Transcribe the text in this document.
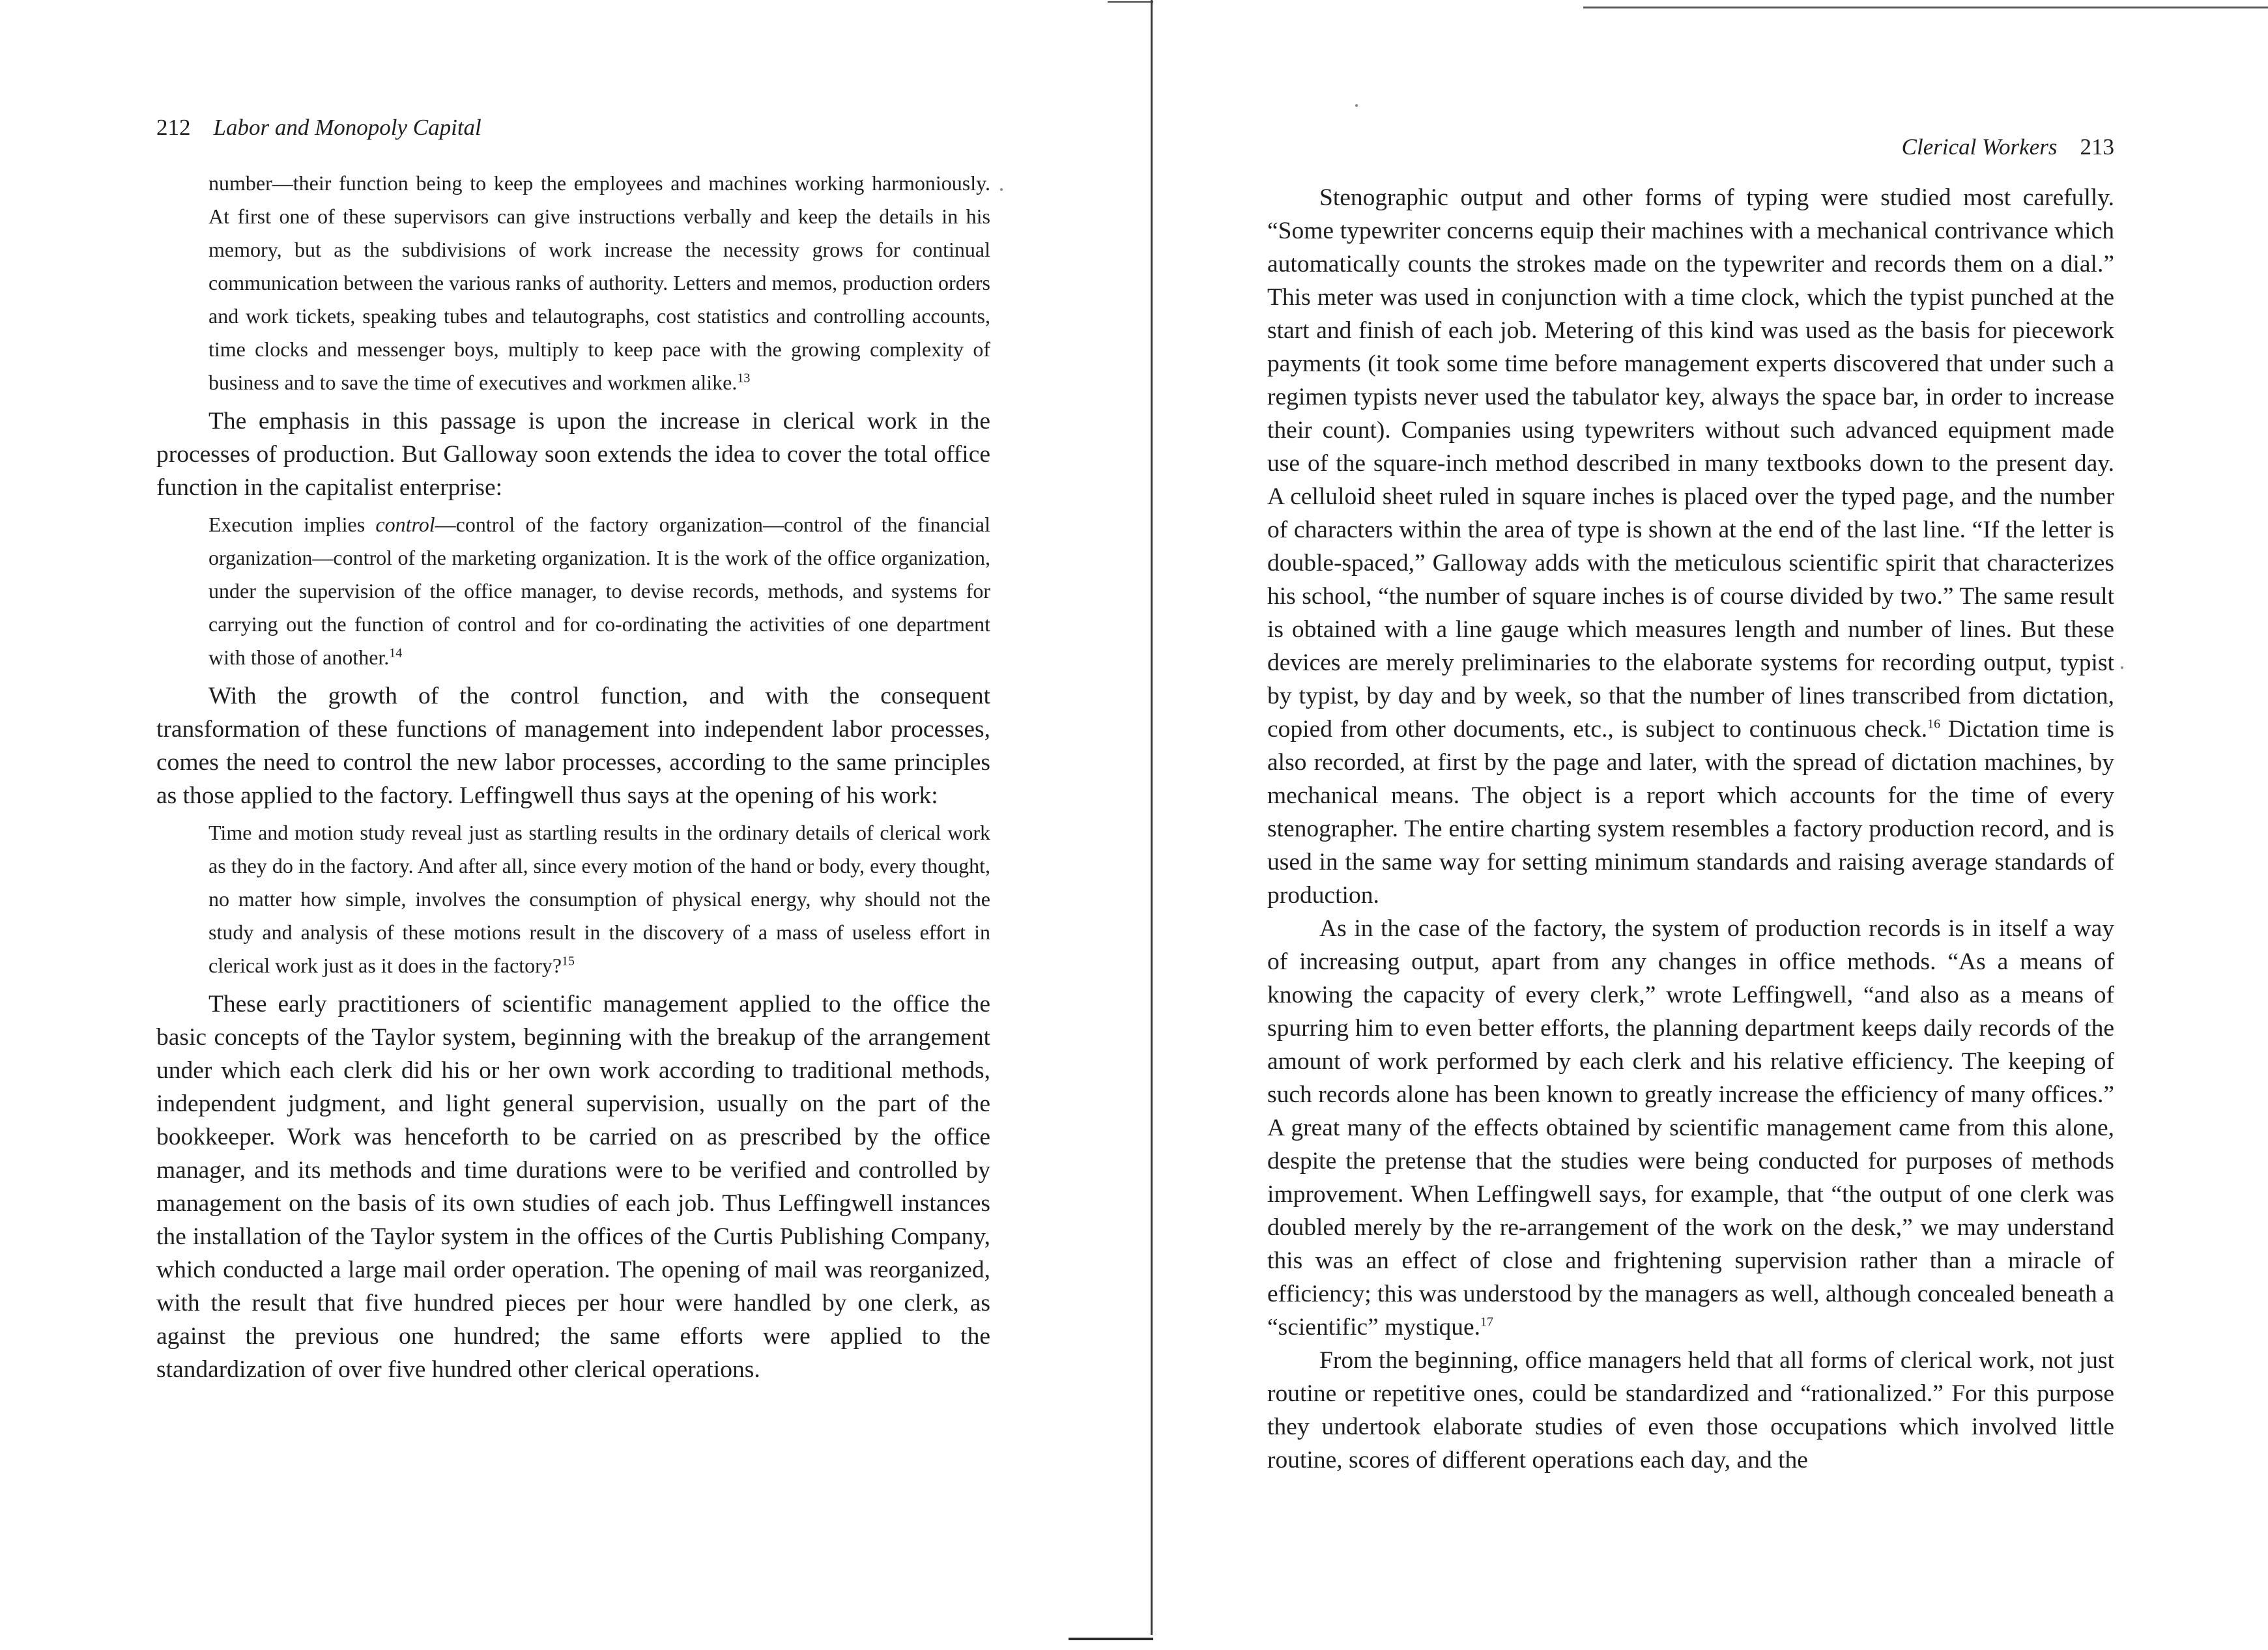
212 Labor and Monopoly Capital
number—their function being to keep the employees and machines working harmoniously. At first one of these supervisors can give instructions verbally and keep the details in his memory, but as the subdivisions of work increase the necessity grows for continual communication between the various ranks of authority. Letters and memos, production orders and work tickets, speaking tubes and telautographs, cost statistics and controlling accounts, time clocks and messenger boys, multiply to keep pace with the growing complexity of business and to save the time of executives and workmen alike.$^{13}$

The emphasis in this passage is upon the increase in clerical work in the processes of production. But Galloway soon extends the idea to cover the total office function in the capitalist enterprise:

Execution implies control—control of the factory organization—control of the financial organization—control of the marketing organization. It is the work of the office organization, under the supervision of the office manager, to devise records, methods, and systems for carrying out the function of control and for co-ordinating the activities of one department with those of another.$^{14}$

With the growth of the control function, and with the consequent transformation of these functions of management into independent labor processes, comes the need to control the new labor processes, according to the same principles as those applied to the factory. Leffingwell thus says at the opening of his work:

Time and motion study reveal just as startling results in the ordinary details of clerical work as they do in the factory. And after all, since every motion of the hand or body, every thought, no matter how simple, involves the consumption of physical energy, why should not the study and analysis of these motions result in the discovery of a mass of useless effort in clerical work just as it does in the factory?$^{15}$

These early practitioners of scientific management applied to the office the basic concepts of the Taylor system, beginning with the breakup of the arrangement under which each clerk did his or her own work according to traditional methods, independent judgment, and light general supervision, usually on the part of the bookkeeper. Work was henceforth to be carried on as prescribed by the office manager, and its methods and time durations were to be verified and controlled by management on the basis of its own studies of each job. Thus Leffingwell instances the installation of the Taylor system in the offices of the Curtis Publishing Company, which conducted a large mail order operation. The opening of mail was reorganized, with the result that five hundred pieces per hour were handled by one clerk, as against the previous one hundred; the same efforts were applied to the standardization of over five hundred other clerical operations.

Clerical Workers 213

Stenographic output and other forms of typing were studied most carefully. “Some typewriter concerns equip their machines with a mechanical contrivance which automatically counts the strokes made on the typewriter and records them on a dial.” This meter was used in conjunction with a time clock, which the typist punched at the start and finish of each job. Metering of this kind was used as the basis for piecework payments (it took some time before management experts discovered that under such a regimen typists never used the tabulator key, always the space bar, in order to increase their count). Companies using typewriters without such advanced equipment made use of the square-inch method described in many textbooks down to the present day. A celluloid sheet ruled in square inches is placed over the typed page, and the number of characters within the area of type is shown at the end of the last line. “If the letter is double-spaced,” Galloway adds with the meticulous scientific spirit that characterizes his school, “the number of square inches is of course divided by two.” The same result is obtained with a line gauge which measures length and number of lines. But these devices are merely preliminaries to the elaborate systems for recording output, typist by typist, by day and by week, so that the number of lines transcribed from dictation, copied from other documents, etc., is subject to continuous check.$^{16}$ Dictation time is also recorded, at first by the page and later, with the spread of dictation machines, by mechanical means. The object is a report which accounts for the time of every stenographer. The entire charting system resembles a factory production record, and is used in the same way for setting minimum standards and raising average standards of production.

As in the case of the factory, the system of production records is in itself a way of increasing output, apart from any changes in office methods. “As a means of knowing the capacity of every clerk,” wrote Leffingwell, “and also as a means of spurring him to even better efforts, the planning department keeps daily records of the amount of work performed by each clerk and his relative efficiency. The keeping of such records alone has been known to greatly increase the efficiency of many offices.” A great many of the effects obtained by scientific management came from this alone, despite the pretense that the studies were being conducted for purposes of methods improvement. When Leffingwell says, for example, that “the output of one clerk was doubled merely by the re-arrangement of the work on the desk,” we may understand this was an effect of close and frightening supervision rather than a miracle of efficiency; this was understood by the managers as well, although concealed beneath a “scientific” mystique.$^{17}$

From the beginning, office managers held that all forms of clerical work, not just routine or repetitive ones, could be standardized and “rationalized.” For this purpose they undertook elaborate studies of even those occupations which involved little routine, scores of different operations each day, and the
